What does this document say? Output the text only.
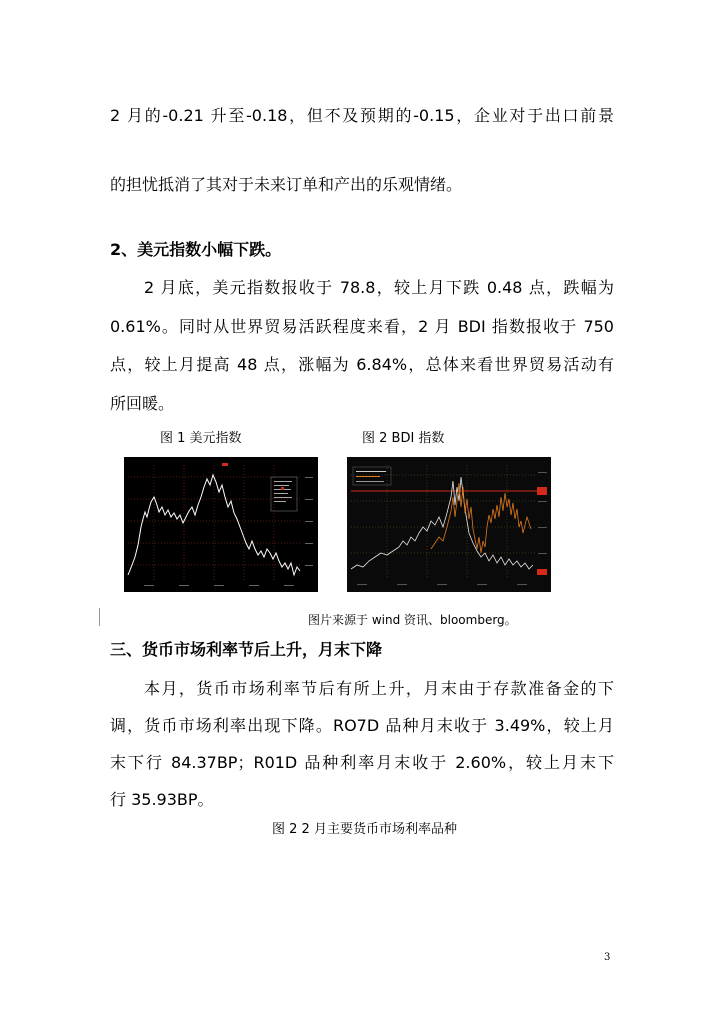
2 月的-0.21 升至-0.18，但不及预期的-0.15，企业对于出口前景
的担忧抵消了其对于未来订单和产出的乐观情绪。
2、美元指数小幅下跌。
2 月底，美元指数报收于 78.8，较上月下跌 0.48 点，跌幅为
0.61%。同时从世界贸易活跃程度来看，2 月 BDI 指数报收于 750
点，较上月提高 48 点，涨幅为 6.84%，总体来看世界贸易活动有
所回暖。
图 1 美元指数	图 2 BDI 指数
图片来源于 wind 资讯、bloomberg。
三、货币市场利率节后上升，月末下降
本月，货币市场利率节后有所上升，月末由于存款准备金的下
调，货币市场利率出现下降。RO7D 品种月末收于 3.49%，较上月
末下行 84.37BP；R01D 品种利率月末收于 2.60%，较上月末下
行 35.93BP。
图 2 2 月主要货币市场利率品种
3
